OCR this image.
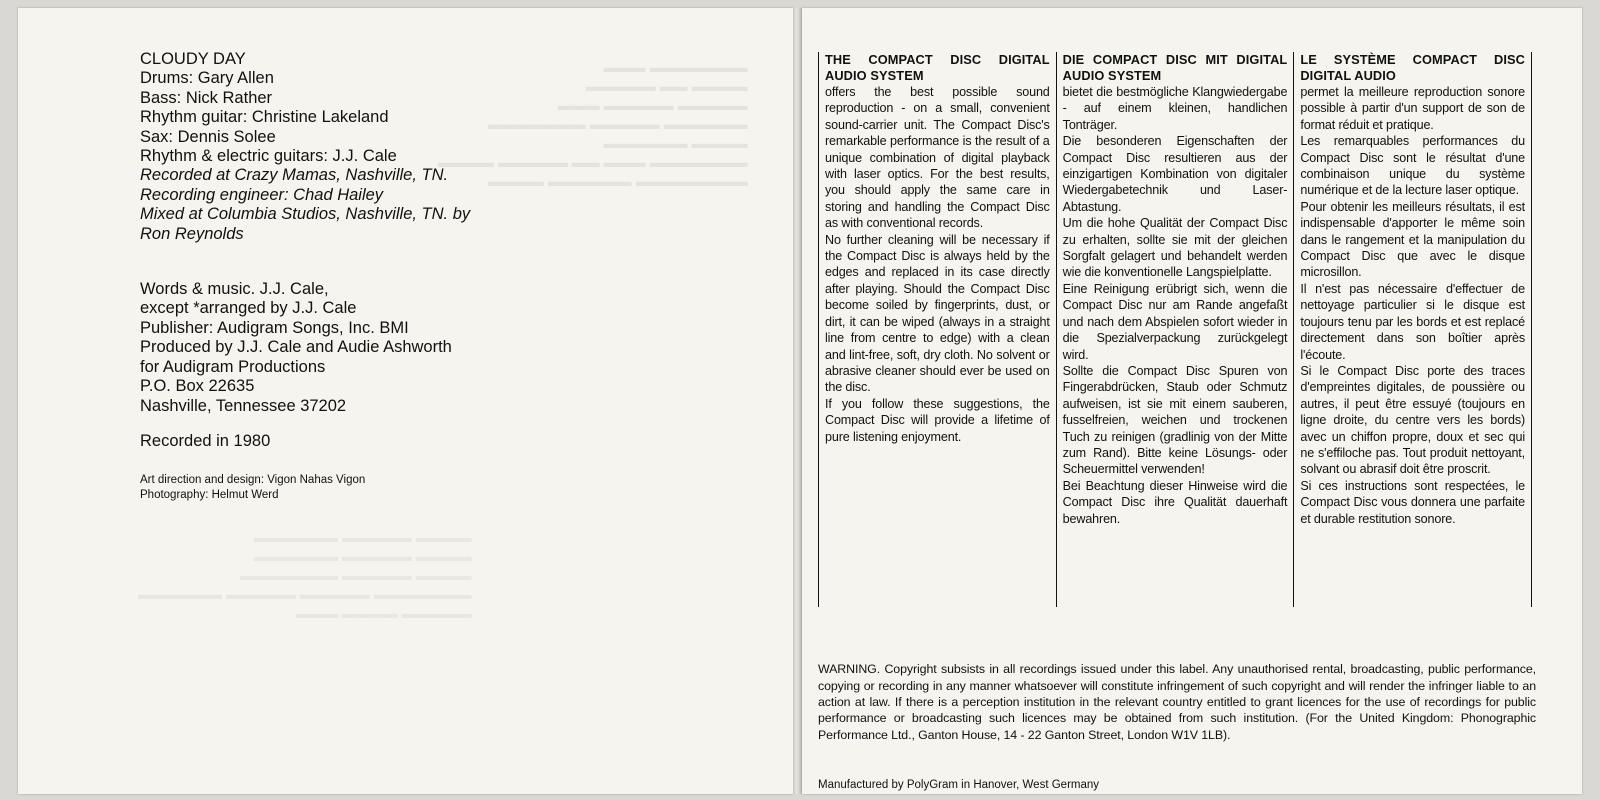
▬▬▬▬▬▬▬ ▬▬▬
▬▬▬▬ ▬▬ ▬▬▬▬▬
▬▬▬▬▬ ▬▬▬▬▬ ▬▬▬
▬▬▬▬▬▬ ▬▬▬▬▬ ▬▬▬▬▬▬▬
▬▬▬▬ ▬▬▬▬▬▬
▬▬▬▬▬▬▬ ▬▬▬ ▬▬ ▬▬▬▬▬ ▬▬▬▬
▬▬▬▬▬▬▬▬ ▬▬▬▬▬▬ ▬▬▬▬
▬▬▬▬ ▬▬▬▬▬ ▬▬▬▬▬▬
▬▬▬▬ ▬▬▬▬▬ ▬▬▬▬▬▬
▬▬▬▬ ▬▬▬▬▬ ▬▬▬▬▬▬▬
▬▬▬▬▬▬▬ ▬▬▬▬▬ ▬▬▬▬▬ ▬▬▬▬▬▬
▬▬▬▬▬ ▬▬▬▬ ▬▬▬
CLOUDY DAY
Drums: Gary Allen
Bass: Nick Rather
Rhythm guitar: Christine Lakeland
Sax: Dennis Solee
Rhythm & electric guitars: J.J. Cale
Recorded at Crazy Mamas, Nashville, TN.
Recording engineer: Chad Hailey
Mixed at Columbia Studios, Nashville, TN. by
Ron Reynolds
Words & music. J.J. Cale,
except *arranged by J.J. Cale
Publisher: Audigram Songs, Inc. BMI
Produced by J.J. Cale and Audie Ashworth
for Audigram Productions
P.O. Box 22635
Nashville, Tennessee 37202
Recorded in 1980
Art direction and design: Vigon Nahas Vigon
Photography: Helmut Werd
THE COMPACT DISC DIGITAL AUDIO SYSTEM

offers the best possible sound reproduction - on a small, convenient sound-carrier unit. The Compact Disc's remarkable performance is the result of a unique combination of digital playback with laser optics. For the best results, you should apply the same care in storing and handling the Compact Disc as with conventional records.

No further cleaning will be necessary if the Compact Disc is always held by the edges and replaced in its case directly after playing. Should the Compact Disc become soiled by fingerprints, dust, or dirt, it can be wiped (always in a straight line from centre to edge) with a clean and lint-free, soft, dry cloth. No solvent or abrasive cleaner should ever be used on the disc.

If you follow these suggestions, the Compact Disc will provide a lifetime of pure listening enjoyment.

DIE COMPACT DISC MIT DIGITAL AUDIO SYSTEM

bietet die bestmögliche Klangwiedergabe - auf einem kleinen, handlichen Tonträger.

Die besonderen Eigenschaften der Compact Disc resultieren aus der einzigartigen Kombination von digitaler Wiedergabetechnik und Laser-Abtastung.

Um die hohe Qualität der Compact Disc zu erhalten, sollte sie mit der gleichen Sorgfalt gelagert und behandelt werden wie die konventionelle Langspielplatte.

Eine Reinigung erübrigt sich, wenn die Compact Disc nur am Rande angefaßt und nach dem Abspielen sofort wieder in die Spezialverpackung zurückgelegt wird.

Sollte die Compact Disc Spuren von Fingerabdrücken, Staub oder Schmutz aufweisen, ist sie mit einem sauberen, fusselfreien, weichen und trockenen Tuch zu reinigen (gradlinig von der Mitte zum Rand). Bitte keine Lösungs- oder Scheuermittel verwenden!

Bei Beachtung dieser Hinweise wird die Compact Disc ihre Qualität dauerhaft bewahren.

LE SYSTÈME COMPACT DISC DIGITAL AUDIO

permet la meilleure reproduction sonore possible à partir d'un support de son de format réduit et pratique.

Les remarquables performances du Compact Disc sont le résultat d'une combinaison unique du système numérique et de la lecture laser optique.

Pour obtenir les meilleurs résultats, il est indispensable d'apporter le même soin dans le rangement et la manipulation du Compact Disc que avec le disque microsillon.

Il n'est pas nécessaire d'effectuer de nettoyage particulier si le disque est toujours tenu par les bords et est replacé directement dans son boîtier après l'écoute.

Si le Compact Disc porte des traces d'empreintes digitales, de poussière ou autres, il peut être essuyé (toujours en ligne droite, du centre vers les bords) avec un chiffon propre, doux et sec qui ne s'effiloche pas. Tout produit nettoyant, solvant ou abrasif doit être proscrit.

Si ces instructions sont respectées, le Compact Disc vous donnera une parfaite et durable restitution sonore.

WARNING. Copyright subsists in all recordings issued under this label. Any unauthorised rental, broadcasting, public performance, copying or recording in any manner whatsoever will constitute infringement of such copyright and will render the infringer liable to an action at law. If there is a perception institution in the relevant country entitled to grant licences for the use of recordings for public performance or broadcasting such licences may be obtained from such institution. (For the United Kingdom: Phonographic Performance Ltd., Ganton House, 14 - 22 Ganton Street, London W1V 1LB).

Manufactured by PolyGram in Hanover, West Germany
